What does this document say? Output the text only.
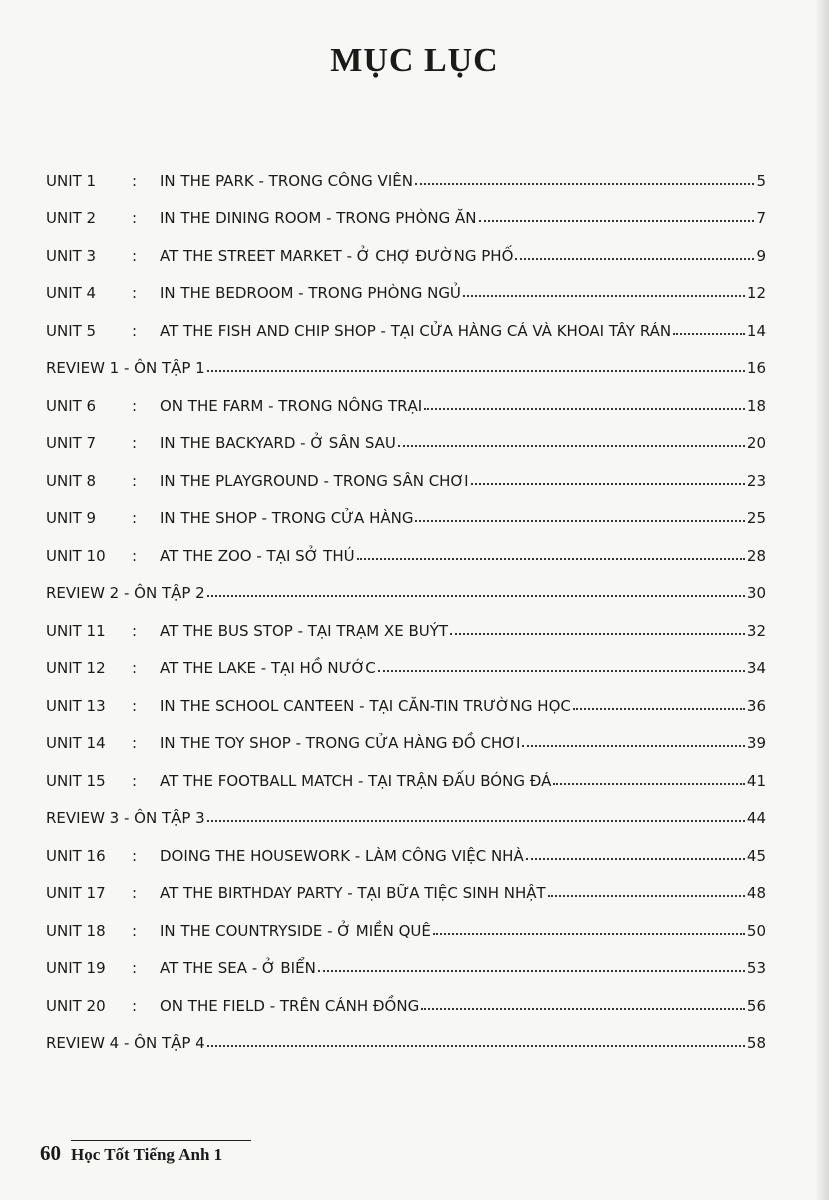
MỤC LỤC
UNIT 1	:	IN THE PARK - TRONG CÔNG VIÊN	5
UNIT 2	:	IN THE DINING ROOM - TRONG PHÒNG ĂN	7
UNIT 3	:	AT THE STREET MARKET - Ở CHỢ ĐƯỜNG PHỐ	9
UNIT 4	:	IN THE BEDROOM - TRONG PHÒNG NGỦ	12
UNIT 5	:	AT THE FISH AND CHIP SHOP - TẠI CỬA HÀNG CÁ VÀ KHOAI TÂY RÁN	14
REVIEW 1 - ÔN TẬP 1	16
UNIT 6	:	ON THE FARM - TRONG NÔNG TRẠI	18
UNIT 7	:	IN THE BACKYARD - Ở SÂN SAU	20
UNIT 8	:	IN THE PLAYGROUND - TRONG SÂN CHƠI	23
UNIT 9	:	IN THE SHOP - TRONG CỬA HÀNG	25
UNIT 10	:	AT THE ZOO - TẠI SỞ THÚ	28
REVIEW 2 - ÔN TẬP 2	30
UNIT 11	:	AT THE BUS STOP - TẠI TRẠM XE BUÝT	32
UNIT 12	:	AT THE LAKE - TẠI HỒ NƯỚC	34
UNIT 13	:	IN THE SCHOOL CANTEEN - TẠI CĂN-TIN TRƯỜNG HỌC	36
UNIT 14	:	IN THE TOY SHOP - TRONG CỬA HÀNG ĐỒ CHƠI	39
UNIT 15	:	AT THE FOOTBALL MATCH - TẠI TRẬN ĐẤU BÓNG ĐÁ	41
REVIEW 3 - ÔN TẬP 3	44
UNIT 16	:	DOING THE HOUSEWORK - LÀM CÔNG VIỆC NHÀ	45
UNIT 17	:	AT THE BIRTHDAY PARTY - TẠI BỮA TIỆC SINH NHẬT	48
UNIT 18	:	IN THE COUNTRYSIDE - Ở MIỀN QUÊ	50
UNIT 19	:	AT THE SEA - Ở BIỂN	53
UNIT 20	:	ON THE FIELD - TRÊN CÁNH ĐỒNG	56
REVIEW 4 - ÔN TẬP 4	58
60 Học Tốt Tiếng Anh 1
